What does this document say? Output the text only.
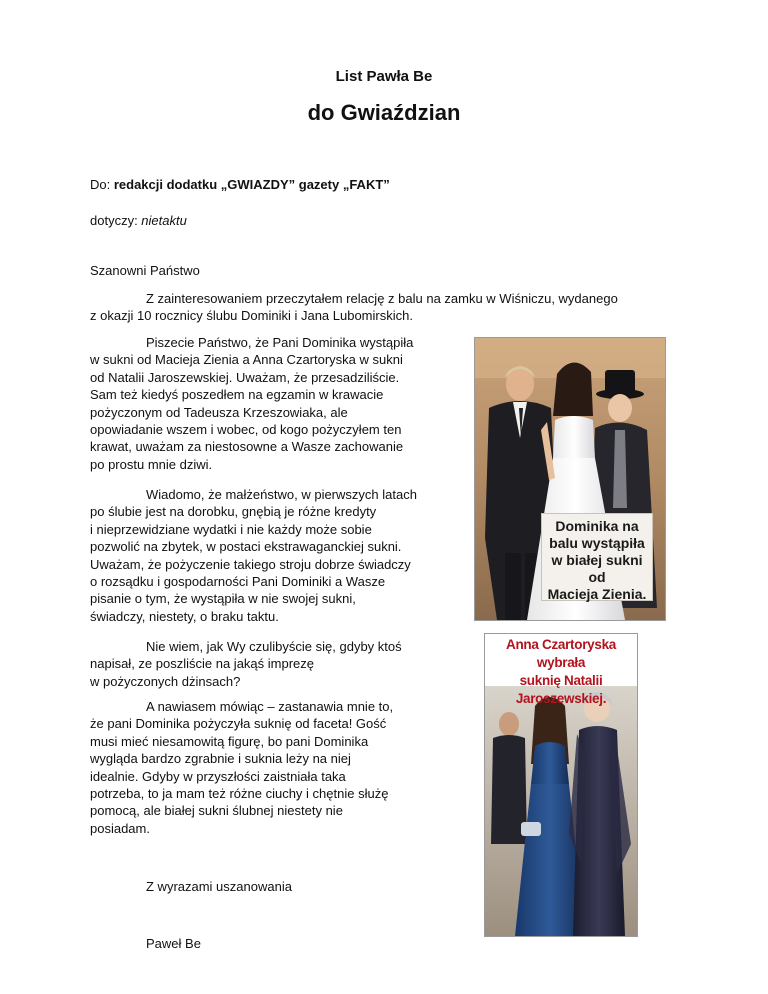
List Pawła Be

do Gwiaździan

Do: redakcji dodatku „GWIAZDY” gazety „FAKT”

dotyczy: nietaktu

Szanowni Państwo

Z zainteresowaniem przeczytałem relację z balu na zamku w Wiśniczu, wydanego
z okazji 10 rocznicy ślubu Dominiki i Jana Lubomirskich.
Piszecie Państwo, że Pani Dominika wystąpiła
w sukni od Macieja Zienia a Anna Czartoryska w sukni
od Natalii Jaroszewskiej. Uważam, że przesadziliście.
Sam też kiedyś poszedłem na egzamin w krawacie
pożyczonym od Tadeusza Krzeszowiaka, ale
opowiadanie wszem i wobec, od kogo pożyczyłem ten
krawat, uważam za niestosowne a Wasze zachowanie
po prostu mnie dziwi.
Wiadomo, że małżeństwo, w pierwszych latach
po ślubie jest na dorobku, gnębią je różne kredyty
i nieprzewidziane wydatki i nie każdy może sobie
pozwolić na zbytek, w postaci ekstrawaganckiej sukni.
Uważam, że pożyczenie takiego stroju dobrze świadczy
o rozsądku i gospodarności Pani Dominiki a Wasze
pisanie o tym, że wystąpiła w nie swojej sukni,
świadczy, niestety, o braku taktu.
Nie wiem, jak Wy czulibyście się, gdyby ktoś
napisał, ze poszliście na jakąś imprezę
w pożyczonych dżinsach?
A nawiasem mówiąc – zastanawia mnie to,
że pani Dominika pożyczyła suknię od faceta! Gość
musi mieć niesamowitą figurę, bo pani Dominika
wygląda bardzo zgrabnie i suknia leży na niej
idealnie. Gdyby w przyszłości zaistniała taka
potrzeba, to ja mam też różne ciuchy i chętnie służę
pomocą, ale białej sukni ślubnej niestety nie
posiadam.

Z wyrazami uszanowania

Paweł Be

Dominika na
balu wystąpiła
w białej sukni od
Macieja Zienia.
Anna Czartoryska wybrała
suknię Natalii Jaroszewskiej.
